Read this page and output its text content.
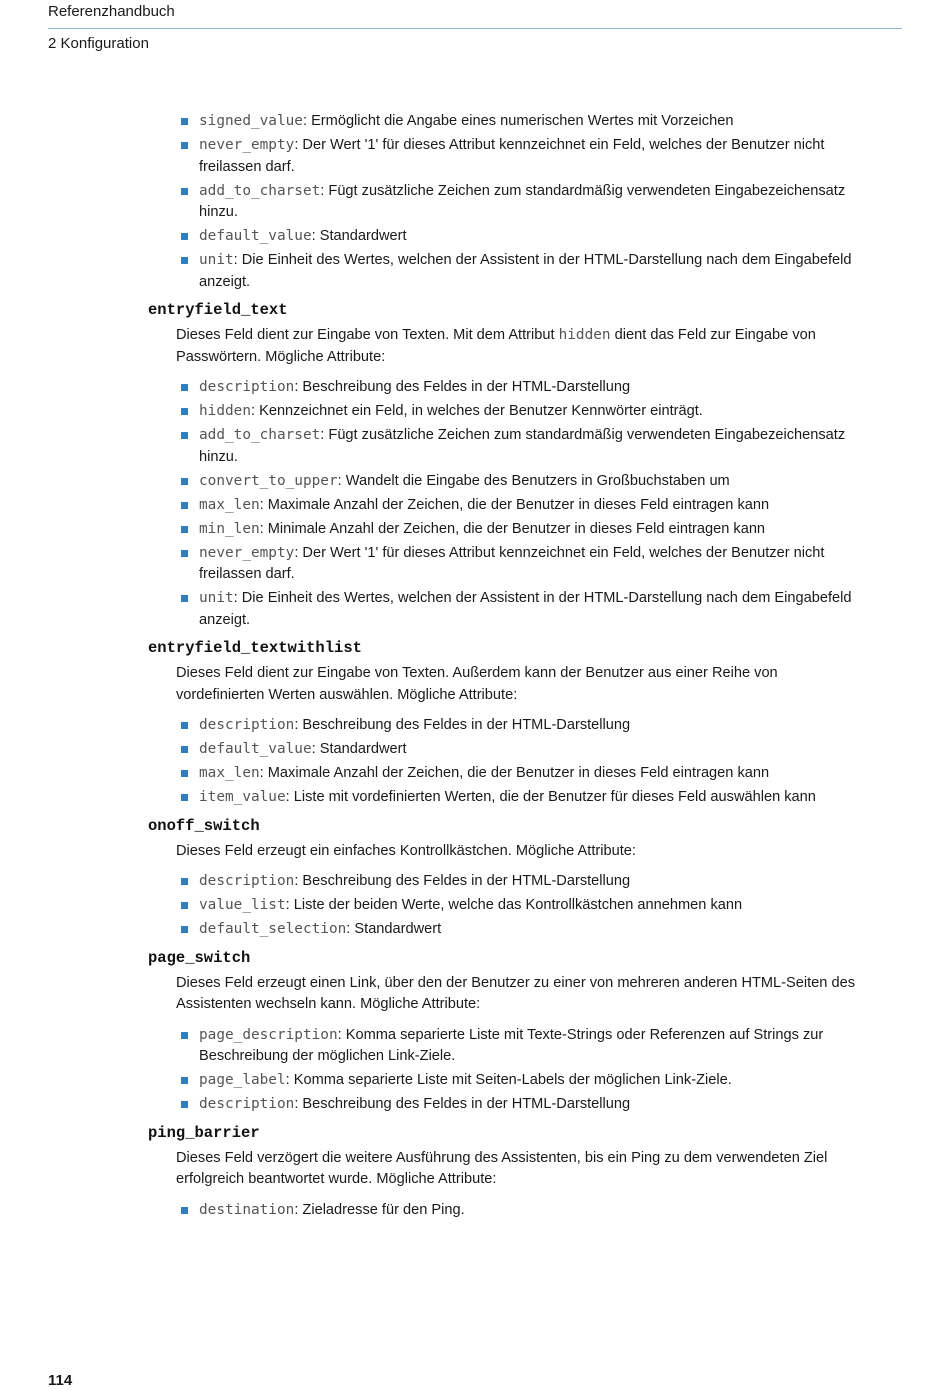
Referenzhandbuch
2 Konfiguration
signed_value: Ermöglicht die Angabe eines numerischen Wertes mit Vorzeichen
never_empty: Der Wert '1' für dieses Attribut kennzeichnet ein Feld, welches der Benutzer nicht freilassen darf.
add_to_charset: Fügt zusätzliche Zeichen zum standardmäßig verwendeten Eingabezeichensatz hinzu.
default_value: Standardwert
unit: Die Einheit des Wertes, welchen der Assistent in der HTML-Darstellung nach dem Eingabefeld anzeigt.
entryfield_text
Dieses Feld dient zur Eingabe von Texten. Mit dem Attribut hidden dient das Feld zur Eingabe von Passwörtern. Mögliche Attribute:
description: Beschreibung des Feldes in der HTML-Darstellung
hidden: Kennzeichnet ein Feld, in welches der Benutzer Kennwörter einträgt.
add_to_charset: Fügt zusätzliche Zeichen zum standardmäßig verwendeten Eingabezeichensatz hinzu.
convert_to_upper: Wandelt die Eingabe des Benutzers in Großbuchstaben um
max_len: Maximale Anzahl der Zeichen, die der Benutzer in dieses Feld eintragen kann
min_len: Minimale Anzahl der Zeichen, die der Benutzer in dieses Feld eintragen kann
never_empty: Der Wert '1' für dieses Attribut kennzeichnet ein Feld, welches der Benutzer nicht freilassen darf.
unit: Die Einheit des Wertes, welchen der Assistent in der HTML-Darstellung nach dem Eingabefeld anzeigt.
entryfield_textwithlist
Dieses Feld dient zur Eingabe von Texten. Außerdem kann der Benutzer aus einer Reihe von vordefinierten Werten auswählen. Mögliche Attribute:
description: Beschreibung des Feldes in der HTML-Darstellung
default_value: Standardwert
max_len: Maximale Anzahl der Zeichen, die der Benutzer in dieses Feld eintragen kann
item_value: Liste mit vordefinierten Werten, die der Benutzer für dieses Feld auswählen kann
onoff_switch
Dieses Feld erzeugt ein einfaches Kontrollkästchen. Mögliche Attribute:
description: Beschreibung des Feldes in der HTML-Darstellung
value_list: Liste der beiden Werte, welche das Kontrollkästchen annehmen kann
default_selection: Standardwert
page_switch
Dieses Feld erzeugt einen Link, über den der Benutzer zu einer von mehreren anderen HTML-Seiten des Assistenten wechseln kann. Mögliche Attribute:
page_description: Komma separierte Liste mit Texte-Strings oder Referenzen auf Strings zur Beschreibung der möglichen Link-Ziele.
page_label: Komma separierte Liste mit Seiten-Labels der möglichen Link-Ziele.
description: Beschreibung des Feldes in der HTML-Darstellung
ping_barrier
Dieses Feld verzögert die weitere Ausführung des Assistenten, bis ein Ping zu dem verwendeten Ziel erfolgreich beantwortet wurde. Mögliche Attribute:
destination: Zieladresse für den Ping.
114
